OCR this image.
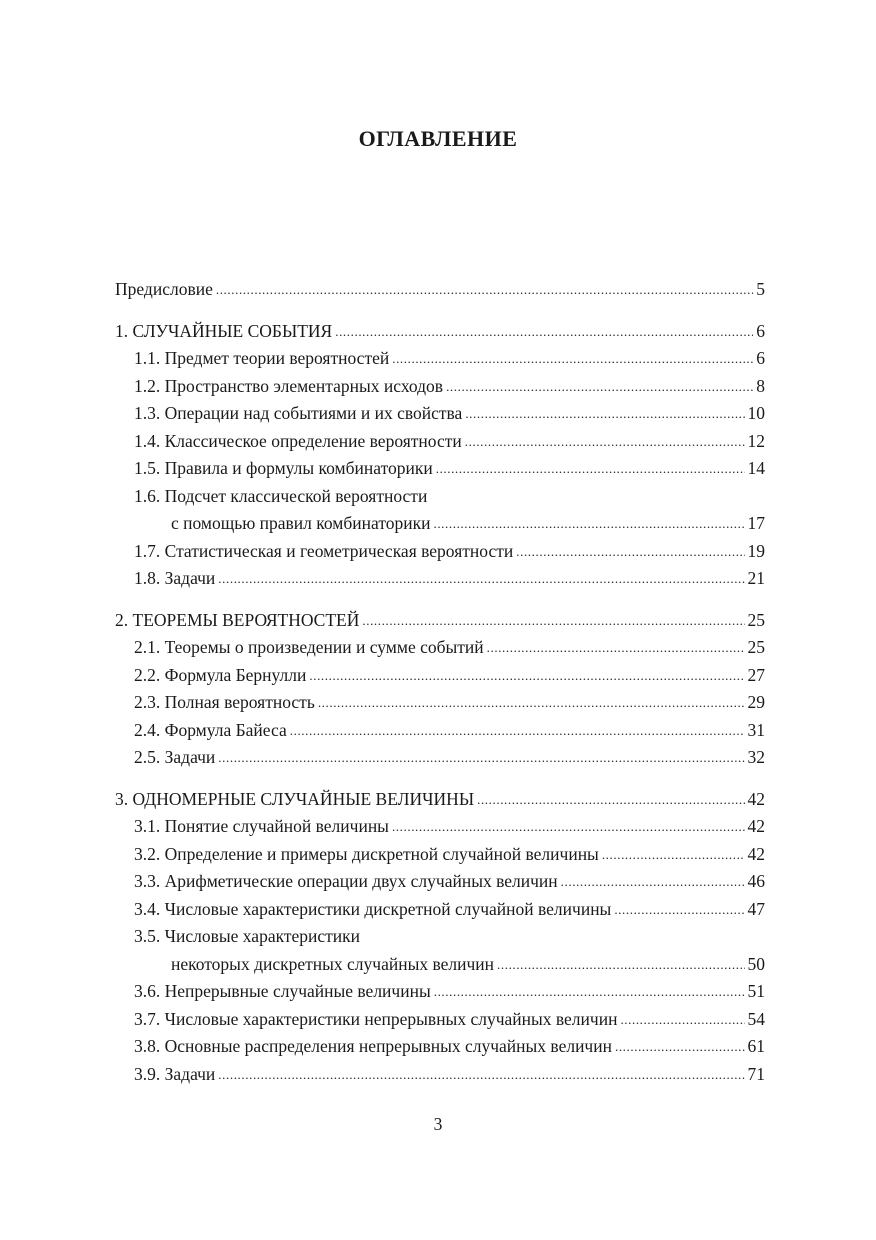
ОГЛАВЛЕНИЕ
Предисловие .....	5
1. СЛУЧАЙНЫЕ СОБЫТИЯ .....	6
1.1. Предмет теории вероятностей .....	6
1.2. Пространство элементарных исходов .....	8
1.3. Операции над событиями и их свойства .....	10
1.4. Классическое определение вероятности .....	12
1.5. Правила и формулы комбинаторики .....	14
1.6. Подсчет классической вероятности
с помощью правил комбинаторики .....	17
1.7. Статистическая и геометрическая вероятности .....	19
1.8. Задачи .....	21
2. ТЕОРЕМЫ ВЕРОЯТНОСТЕЙ .....	25
2.1. Теоремы о произведении и сумме событий .....	25
2.2. Формула Бернулли .....	27
2.3. Полная вероятность .....	29
2.4. Формула Байеса .....	31
2.5. Задачи .....	32
3. ОДНОМЕРНЫЕ СЛУЧАЙНЫЕ ВЕЛИЧИНЫ .....	42
3.1. Понятие случайной величины .....	42
3.2. Определение и примеры дискретной случайной величины .....	42
3.3. Арифметические операции двух случайных величин .....	46
3.4. Числовые характеристики дискретной случайной величины .....	47
3.5. Числовые характеристики
некоторых дискретных случайных величин .....	50
3.6. Непрерывные случайные величины .....	51
3.7. Числовые характеристики непрерывных случайных величин .....	54
3.8. Основные распределения непрерывных случайных величин .....	61
3.9. Задачи .....	71
3
